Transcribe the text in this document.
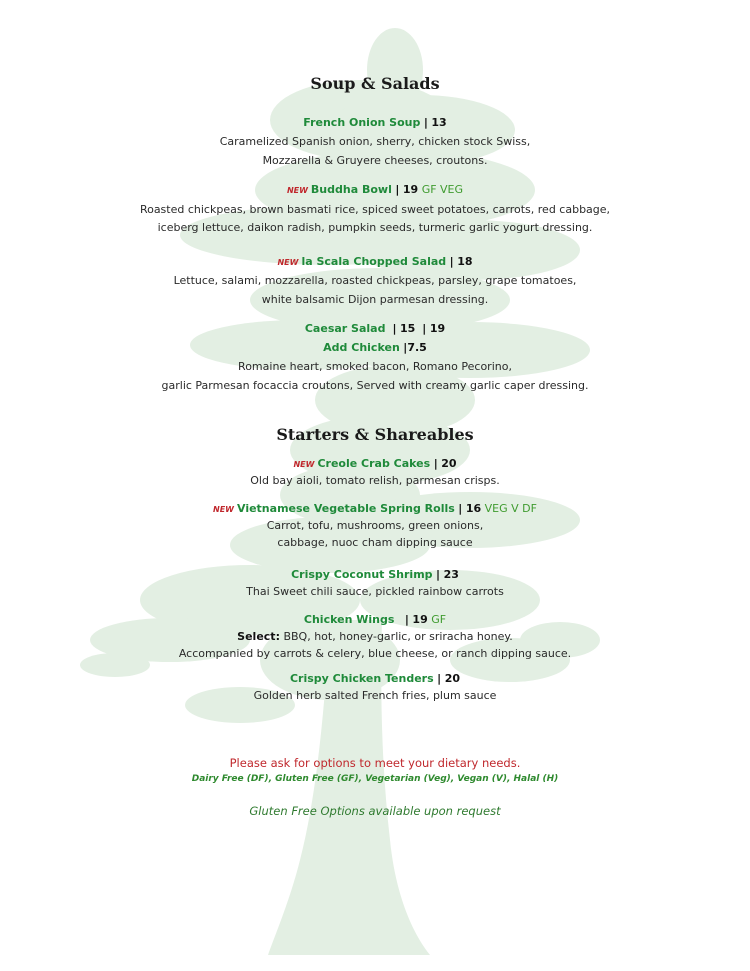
Soup & Salads
French Onion Soup | 13
Caramelized Spanish onion, sherry, chicken stock Swiss,
Mozzarella & Gruyere cheeses, croutons.
NEW Buddha Bowl | 19 GF VEG
Roasted chickpeas, brown basmati rice, spiced sweet potatoes, carrots, red cabbage,
iceberg lettuce, daikon radish, pumpkin seeds, turmeric garlic yogurt dressing.
NEW la Scala Chopped Salad | 18
Lettuce, salami, mozzarella, roasted chickpeas, parsley, grape tomatoes,
white balsamic Dijon parmesan dressing.
Caesar Salad | 15 | 19
Add Chicken |7.5
Romaine heart, smoked bacon, Romano Pecorino,
garlic Parmesan focaccia croutons, Served with creamy garlic caper dressing.
Starters & Shareables
NEW Creole Crab Cakes | 20
Old bay aioli, tomato relish, parmesan crisps.
NEW Vietnamese Vegetable Spring Rolls | 16 VEG V DF
Carrot, tofu, mushrooms, green onions,
cabbage, nuoc cham dipping sauce
Crispy Coconut Shrimp | 23
Thai Sweet chili sauce, pickled rainbow carrots
Chicken Wings | 19 GF
Select: BBQ, hot, honey-garlic, or sriracha honey.
Accompanied by carrots & celery, blue cheese, or ranch dipping sauce.
Crispy Chicken Tenders | 20
Golden herb salted French fries, plum sauce
Please ask for options to meet your dietary needs.
Dairy Free (DF), Gluten Free (GF), Vegetarian (Veg), Vegan (V), Halal (H)
Gluten Free Options available upon request
